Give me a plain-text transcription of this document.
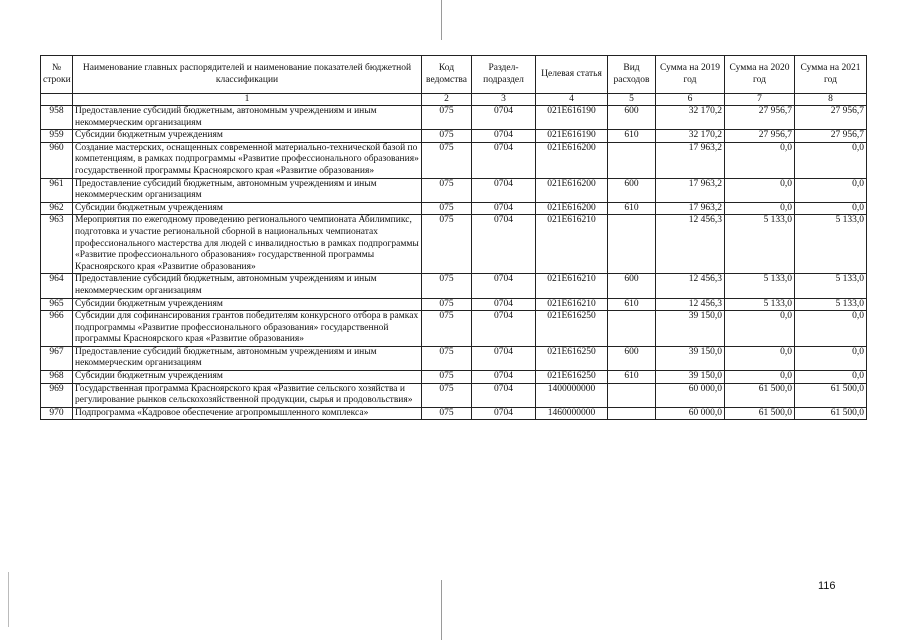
№ строки	Наименование главных распорядителей и наименование показателей бюджетной классификации	Код ведомства	Раздел-подраздел	Целевая статья	Вид расходов	Сумма на 2019 год	Сумма на 2020 год	Сумма на 2021 год
	1	2	3	4	5	6	7	8
958	Предоставление субсидий бюджетным, автономным учреждениям и иным некоммерческим организациям	075	0704	021Е616190	600	32 170,2	27 956,7	27 956,7
959	Субсидии бюджетным учреждениям	075	0704	021Е616190	610	32 170,2	27 956,7	27 956,7
960	Создание мастерских, оснащенных современной материально-технической базой по компетенциям, в рамках подпрограммы «Развитие профессионального образования» государственной программы Красноярского края «Развитие образования»	075	0704	021Е616200		17 963,2	0,0	0,0
961	Предоставление субсидий бюджетным, автономным учреждениям и иным некоммерческим организациям	075	0704	021Е616200	600	17 963,2	0,0	0,0
962	Субсидии бюджетным учреждениям	075	0704	021Е616200	610	17 963,2	0,0	0,0
963	Мероприятия по ежегодному проведению регионального чемпионата Абилимпикс, подготовка и участие региональной сборной в национальных чемпионатах профессионального мастерства для людей с инвалидностью в рамках подпрограммы «Развитие профессионального образования» государственной программы Красноярского края «Развитие образования»	075	0704	021Е616210		12 456,3	5 133,0	5 133,0
964	Предоставление субсидий бюджетным, автономным учреждениям и иным некоммерческим организациям	075	0704	021Е616210	600	12 456,3	5 133,0	5 133,0
965	Субсидии бюджетным учреждениям	075	0704	021Е616210	610	12 456,3	5 133,0	5 133,0
966	Субсидии для софинансирования грантов победителям конкурсного отбора в рамках подпрограммы «Развитие профессионального образования» государственной программы Красноярского края «Развитие образования»	075	0704	021Е616250		39 150,0	0,0	0,0
967	Предоставление субсидий бюджетным, автономным учреждениям и иным некоммерческим организациям	075	0704	021Е616250	600	39 150,0	0,0	0,0
968	Субсидии бюджетным учреждениям	075	0704	021Е616250	610	39 150,0	0,0	0,0
969	Государственная программа Красноярского края «Развитие сельского хозяйства и регулирование рынков сельскохозяйственной продукции, сырья и продовольствия»	075	0704	1400000000		60 000,0	61 500,0	61 500,0
970	Подпрограмма «Кадровое обеспечение агропромышленного комплекса»	075	0704	1460000000		60 000,0	61 500,0	61 500,0
116
